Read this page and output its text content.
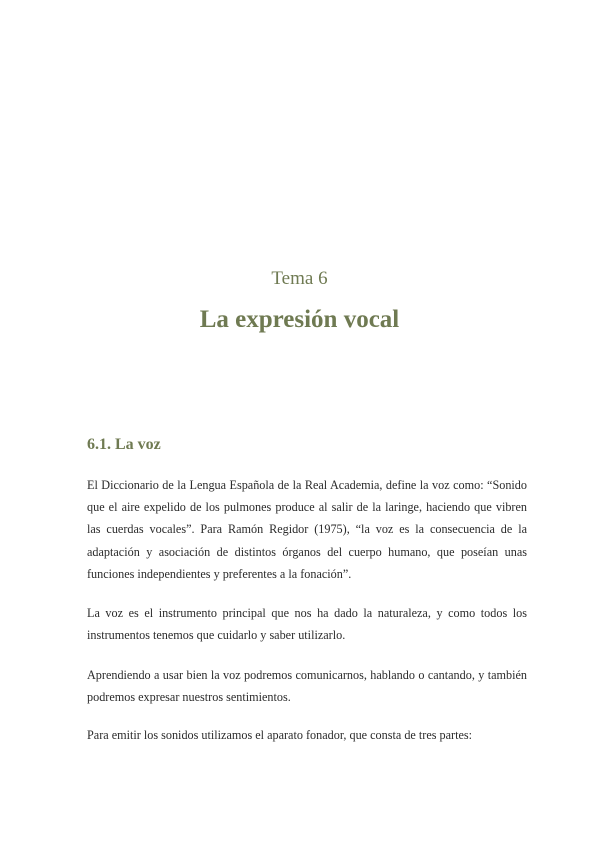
Tema 6
La expresión vocal
6.1. La voz
El Diccionario de la Lengua Española de la Real Academia, define la voz como: “Sonido que el aire expelido de los pulmones produce al salir de la laringe, haciendo que vibren las cuerdas vocales”. Para Ramón Regidor (1975), “la voz es la consecuencia de la adaptación y asociación de distintos órganos del cuerpo humano, que poseían unas funciones independientes y preferentes a la fonación”.
La voz es el instrumento principal que nos ha dado la naturaleza, y como todos los instrumentos tenemos que cuidarlo y saber utilizarlo.
Aprendiendo a usar bien la voz podremos comunicarnos, hablando o cantando, y también podremos expresar nuestros sentimientos.
Para emitir los sonidos utilizamos el aparato fonador, que consta de tres partes:
